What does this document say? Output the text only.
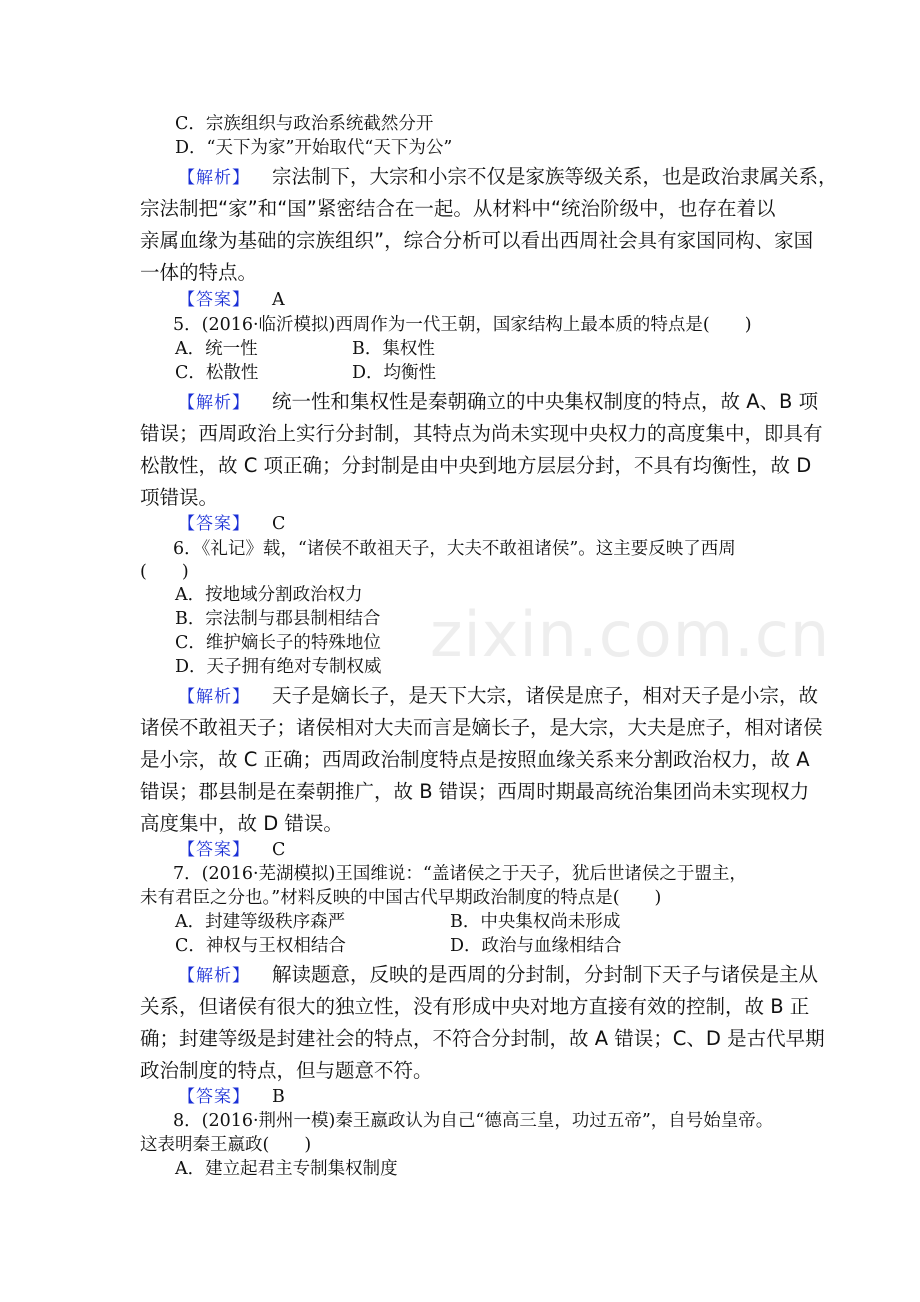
zixin.com.cn
C．宗族组织与政治系统截然分开
D．“天下为家”开始取代“天下为公”
【解析】 宗法制下，大宗和小宗不仅是家族等级关系，也是政治隶属关系，
宗法制把“家”和“国”紧密结合在一起。从材料中“统治阶级中，也存在着以
亲属血缘为基础的宗族组织”，综合分析可以看出西周社会具有家国同构、家国
一体的特点。
【答案】 A
5．(2016·临沂模拟)西周作为一代王朝，国家结构上最本质的特点是(　　)
A．统一性	B．集权性
C．松散性	D．均衡性
【解析】 统一性和集权性是秦朝确立的中央集权制度的特点，故 A、B 项
错误；西周政治上实行分封制，其特点为尚未实现中央权力的高度集中，即具有
松散性，故 C 项正确；分封制是由中央到地方层层分封，不具有均衡性，故 D
项错误。
【答案】 C
6．《礼记》载，“诸侯不敢祖天子，大夫不敢祖诸侯”。这主要反映了西周
(　　)
A．按地域分割政治权力
B．宗法制与郡县制相结合
C．维护嫡长子的特殊地位
D．天子拥有绝对专制权威
【解析】 天子是嫡长子，是天下大宗，诸侯是庶子，相对天子是小宗，故
诸侯不敢祖天子；诸侯相对大夫而言是嫡长子，是大宗，大夫是庶子，相对诸侯
是小宗，故 C 正确；西周政治制度特点是按照血缘关系来分割政治权力，故 A
错误；郡县制是在秦朝推广，故 B 错误；西周时期最高统治集团尚未实现权力
高度集中，故 D 错误。
【答案】 C
7．(2016·芜湖模拟)王国维说：“盖诸侯之于天子，犹后世诸侯之于盟主，
未有君臣之分也。”材料反映的中国古代早期政治制度的特点是(　　)
A．封建等级秩序森严	B．中央集权尚未形成
C．神权与王权相结合	D．政治与血缘相结合
【解析】 解读题意，反映的是西周的分封制，分封制下天子与诸侯是主从
关系，但诸侯有很大的独立性，没有形成中央对地方直接有效的控制，故 B 正
确；封建等级是封建社会的特点，不符合分封制，故 A 错误；C、D 是古代早期
政治制度的特点，但与题意不符。
【答案】 B
8．(2016·荆州一模)秦王嬴政认为自己“德高三皇，功过五帝”，自号始皇帝。
这表明秦王嬴政(　　)
A．建立起君主专制集权制度
